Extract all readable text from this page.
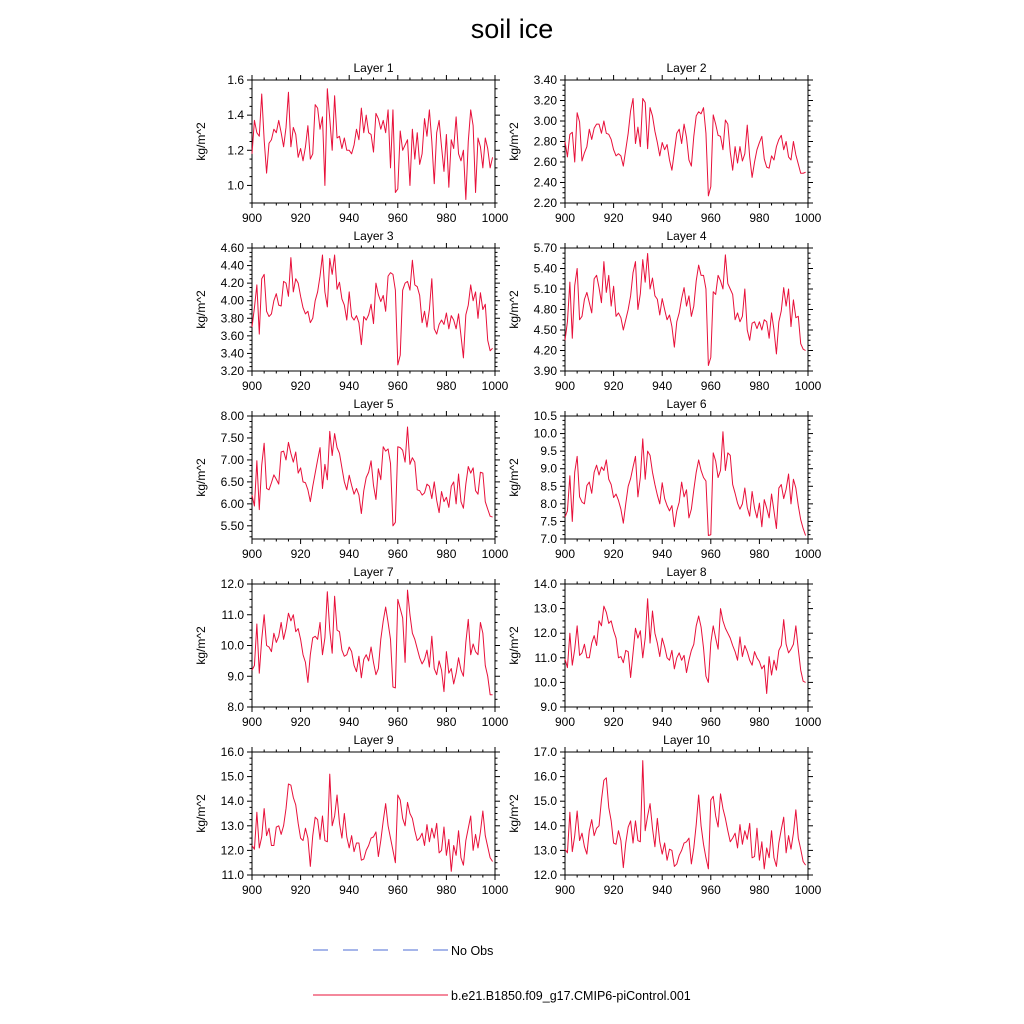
soil ice
Layer 1
900 920 940 960 980 1000
1.0
1.2
1.4
1.6
kg/m^2
Layer 2
900 920 940 960 980 1000
2.20
2.40
2.60
2.80
3.00
3.20
3.40
kg/m^2
Layer 3
900 920 940 960 980 1000
3.20
3.40
3.60
3.80
4.00
4.20
4.40
4.60
kg/m^2
Layer 4
900 920 940 960 980 1000
3.90
4.20
4.50
4.80
5.10
5.40
5.70
kg/m^2
Layer 5
900 920 940 960 980 1000
5.50
6.00
6.50
7.00
7.50
8.00
kg/m^2
Layer 6
900 920 940 960 980 1000
7.0
7.5
8.0
8.5
9.0
9.5
10.0
10.5
kg/m^2
Layer 7
900 920 940 960 980 1000
8.0
9.0
10.0
11.0
12.0
kg/m^2
Layer 8
900 920 940 960 980 1000
9.0
10.0
11.0
12.0
13.0
14.0
kg/m^2
Layer 9
900 920 940 960 980 1000
11.0
12.0
13.0
14.0
15.0
16.0
kg/m^2
Layer 10
900 920 940 960 980 1000
12.0
13.0
14.0
15.0
16.0
17.0
kg/m^2
No Obs
b.e21.B1850.f09_g17.CMIP6-piControl.001
